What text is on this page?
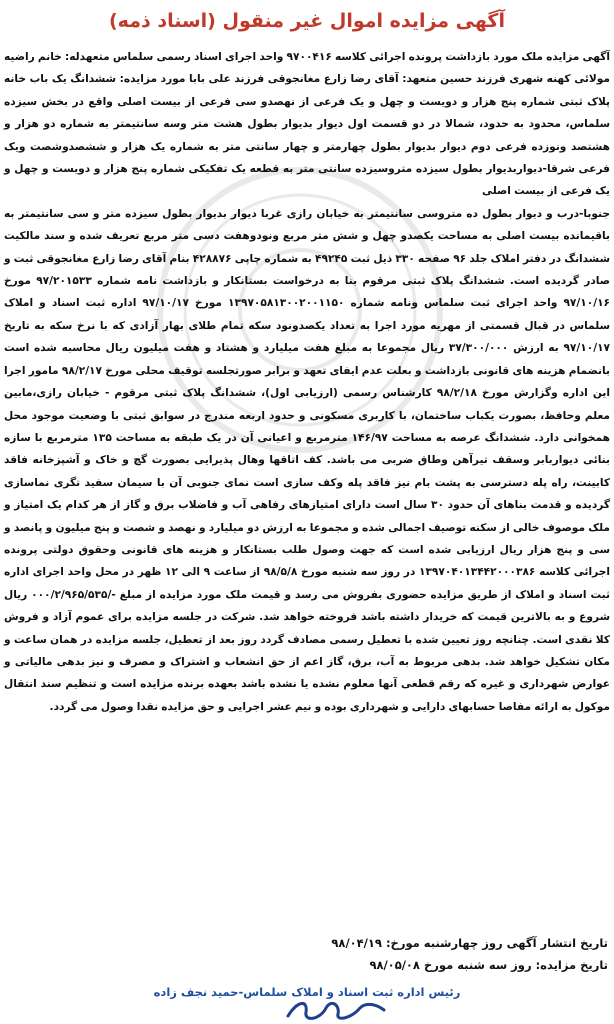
آگهی مزایده اموال غیر منقول (اسناد ذمه)

آگهی مزایده ملک مورد بازداشت پرونده اجرائی کلاسه ۹۷۰۰۴۱۶ واحد اجرای اسناد رسمی سلماس متعهدله: خانم راضیه مولائی کهنه شهری فرزند حسین متعهد: آقای رضا زارع مغانجوقی فرزند علی بابا مورد مزایده: ششدانگ یک باب خانه پلاک ثبتی شماره پنج هزار و دویست و چهل و یک فرعی از نهصدو سی فرعی از بیست اصلی واقع در بخش سیزده سلماس، محدود به حدود، شمالا در دو قسمت اول دیوار بدیوار بطول هشت متر وسه سانتیمتر به شماره دو هزار و هشتصد ونوزده فرعی دوم دیوار بدیوار بطول چهارمتر و چهار سانتی متر به شماره یک هزار و ششصدوشصت ویک فرعی شرقا-دیواربدیوار بطول سیزده متروسیزده سانتی متر به قطعه یک تفکیکی شماره پنج هزار و دویست و چهل و یک فرعی از بیست اصلی

جنوبا-درب و دیوار بطول ده متروسی سانتیمتر به خیابان رازی غربا دیوار بدیوار بطول سیزده متر و سی سانتیمتر به باقیمانده بیست اصلی به مساحت یکصدو چهل و شش متر مربع ونودوهفت دسی متر مربع تعریف شده و سند مالکیت ششدانگ در دفتر املاک جلد ۹۶ صفحه ۳۳۰ ذیل ثبت ۴۹۲۴۵ به شماره چاپی ۴۲۸۸۷۶ بنام آقای رضا زارع مغانجوقی ثبت و صادر گردیده است. ششدانگ پلاک ثبتی مرقوم بنا به درخواست بستانکار و بازداشت نامه شماره ۹۷/۲۰۱۵۳۳ مورخ ۹۷/۱۰/۱۶ واحد اجرای ثبت سلماس ونامه شماره ۱۳۹۷۰۵۸۱۳۰۰۲۰۰۱۱۵۰ مورخ ۹۷/۱۰/۱۷ اداره ثبت اسناد و املاک سلماس در قبال قسمتی از مهریه مورد اجرا به تعداد یکصدونود سکه تمام طلای بهار آزادی که با نرخ سکه به تاریخ ۹۷/۱۰/۱۷ به ارزش ۳۷/۳۰۰/۰۰۰ ریال مجموعا به مبلغ هفت میلیارد و هشتاد و هفت میلیون ریال محاسبه شده است بانضمام هزینه های قانونی بازداشت و بعلت عدم ایفای تعهد و برابر صورتجلسه توقیف محلی مورخ ۹۸/۲/۱۷ مامور اجرا این اداره وگزارش مورخ ۹۸/۲/۱۸ کارشناس رسمی (ارزیابی اول)، ششدانگ پلاک ثبتی مرقوم - خیابان رازی،مابین معلم وحافظ، بصورت یکباب ساختمان، با کاربری مسکونی و حدود اربعه مندرج در سوابق ثبتی با وضعیت موجود محل همخوانی دارد. ششدانگ عرصه به مساحت ۱۴۶/۹۷ مترمربع و اعیانی آن در یک طبقه به مساحت ۱۳۵ مترمربع با سازه بنائی دیواربابر وسقف تیرآهن وطاق ضربی می باشد. کف اتاقها وهال پذیرایی بصورت گچ و خاک و آشپزخانه فاقد کابینت، راه پله دسترسی به پشت بام نیز فاقد پله وکف سازی است نمای جنوبی آن با سیمان سفید تگری نماسازی گردیده و قدمت بناهای آن حدود ۳۰ سال است دارای امتیازهای رفاهی آب و فاضلاب برق و گاز از هر کدام یک امتیاز و ملک موصوف خالی از سکنه توصیف اجمالی شده و مجموعا به ارزش دو میلیارد و نهصد و شصت و پنج میلیون و پانصد و سی و پنج هزار ریال ارزیابی شده است که جهت وصول طلب بستانکار و هزینه های قانونی وحقوق دولتی پرونده اجرائی کلاسه ۱۳۹۷۰۴۰۱۳۴۴۲۰۰۰۳۸۶ در روز سه شنبه مورخ ۹۸/۵/۸ از ساعت ۹ الی ۱۲ ظهر در محل واحد اجرای اداره ثبت اسناد و املاک از طریق مزایده حضوری بفروش می رسد و قیمت ملک مورد مزایده از مبلغ -/۰۰۰/۲/۹۶۵/۵۳۵ ریال شروع و به بالاترین قیمت که خریدار داشته باشد فروخته خواهد شد. شرکت در جلسه مزایده برای عموم آزاد و فروش کلا نقدی است. چنانچه روز تعیین شده با تعطیل رسمی مصادف گردد روز بعد از تعطیل، جلسه مزایده در همان ساعت و مکان تشکیل خواهد شد. بدهی مربوط به آب، برق، گاز اعم از حق انشعاب و اشتراک و مصرف و نیز بدهی مالیاتی و عوارض شهرداری و غیره که رقم قطعی آنها معلوم نشده یا نشده باشد بعهده برنده مزایده است و تنظیم سند انتقال موکول به ارائه مفاصا حسابهای دارایی و شهرداری بوده و نیم عشر اجرایی و حق مزایده نقدا وصول می گردد.

تاریخ انتشار آگهی روز چهارشنبه مورخ: ۹۸/۰۴/۱۹
تاریخ مزایده: روز سه شنبه مورخ ۹۸/۰۵/۰۸
رئیس اداره ثبت اسناد و املاک سلماس-حمید نجف زاده
